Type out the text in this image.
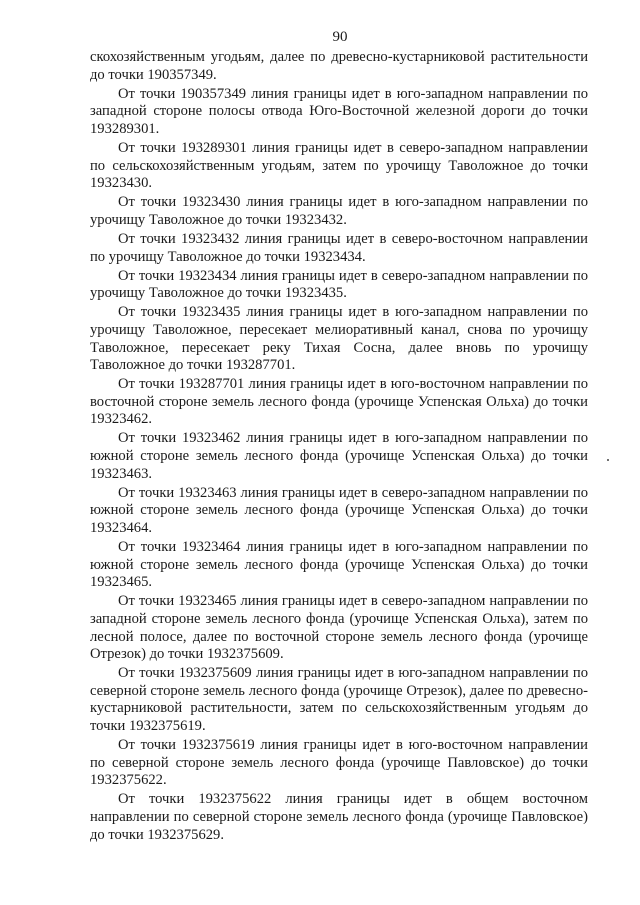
90

скохозяйственным угодьям, далее по древесно-кустарниковой растительности до точки 190357349.

От точки 190357349 линия границы идет в юго-западном направлении по западной стороне полосы отвода Юго-Восточной железной дороги до точки 193289301.

От точки 193289301 линия границы идет в северо-западном направлении по сельскохозяйственным угодьям, затем по урочищу Таволожное до точки 19323430.

От точки 19323430 линия границы идет в юго-западном направлении по урочищу Таволожное до точки 19323432.

От точки 19323432 линия границы идет в северо-восточном направлении по урочищу Таволожное до точки 19323434.

От точки 19323434 линия границы идет в северо-западном направлении по урочищу Таволожное до точки 19323435.

От точки 19323435 линия границы идет в юго-западном направлении по урочищу Таволожное, пересекает мелиоративный канал, снова по урочищу Таволожное, пересекает реку Тихая Сосна, далее вновь по урочищу Таволожное до точки 193287701.

От точки 193287701 линия границы идет в юго-восточном направлении по восточной стороне земель лесного фонда (урочище Успенская Ольха) до точки 19323462.

От точки 19323462 линия границы идет в юго-западном направлении по южной стороне земель лесного фонда (урочище Успенская Ольха) до точки 19323463.

От точки 19323463 линия границы идет в северо-западном направлении по южной стороне земель лесного фонда (урочище Успенская Ольха) до точки 19323464.

От точки 19323464 линия границы идет в юго-западном направлении по южной стороне земель лесного фонда (урочище Успенская Ольха) до точки 19323465.

От точки 19323465 линия границы идет в северо-западном направлении по западной стороне земель лесного фонда (урочище Успенская Ольха), затем по лесной полосе, далее по восточной стороне земель лесного фонда (урочище Отрезок) до точки 1932375609.

От точки 1932375609 линия границы идет в юго-западном направлении по северной стороне земель лесного фонда (урочище Отрезок), далее по древесно-кустарниковой растительности, затем по сельскохозяйственным угодьям до точки 1932375619.

От точки 1932375619 линия границы идет в юго-восточном направлении по северной стороне земель лесного фонда (урочище Павловское) до точки 1932375622.

От точки 1932375622 линия границы идет в общем восточном направлении по северной стороне земель лесного фонда (урочище Павловское) до точки 1932375629.
